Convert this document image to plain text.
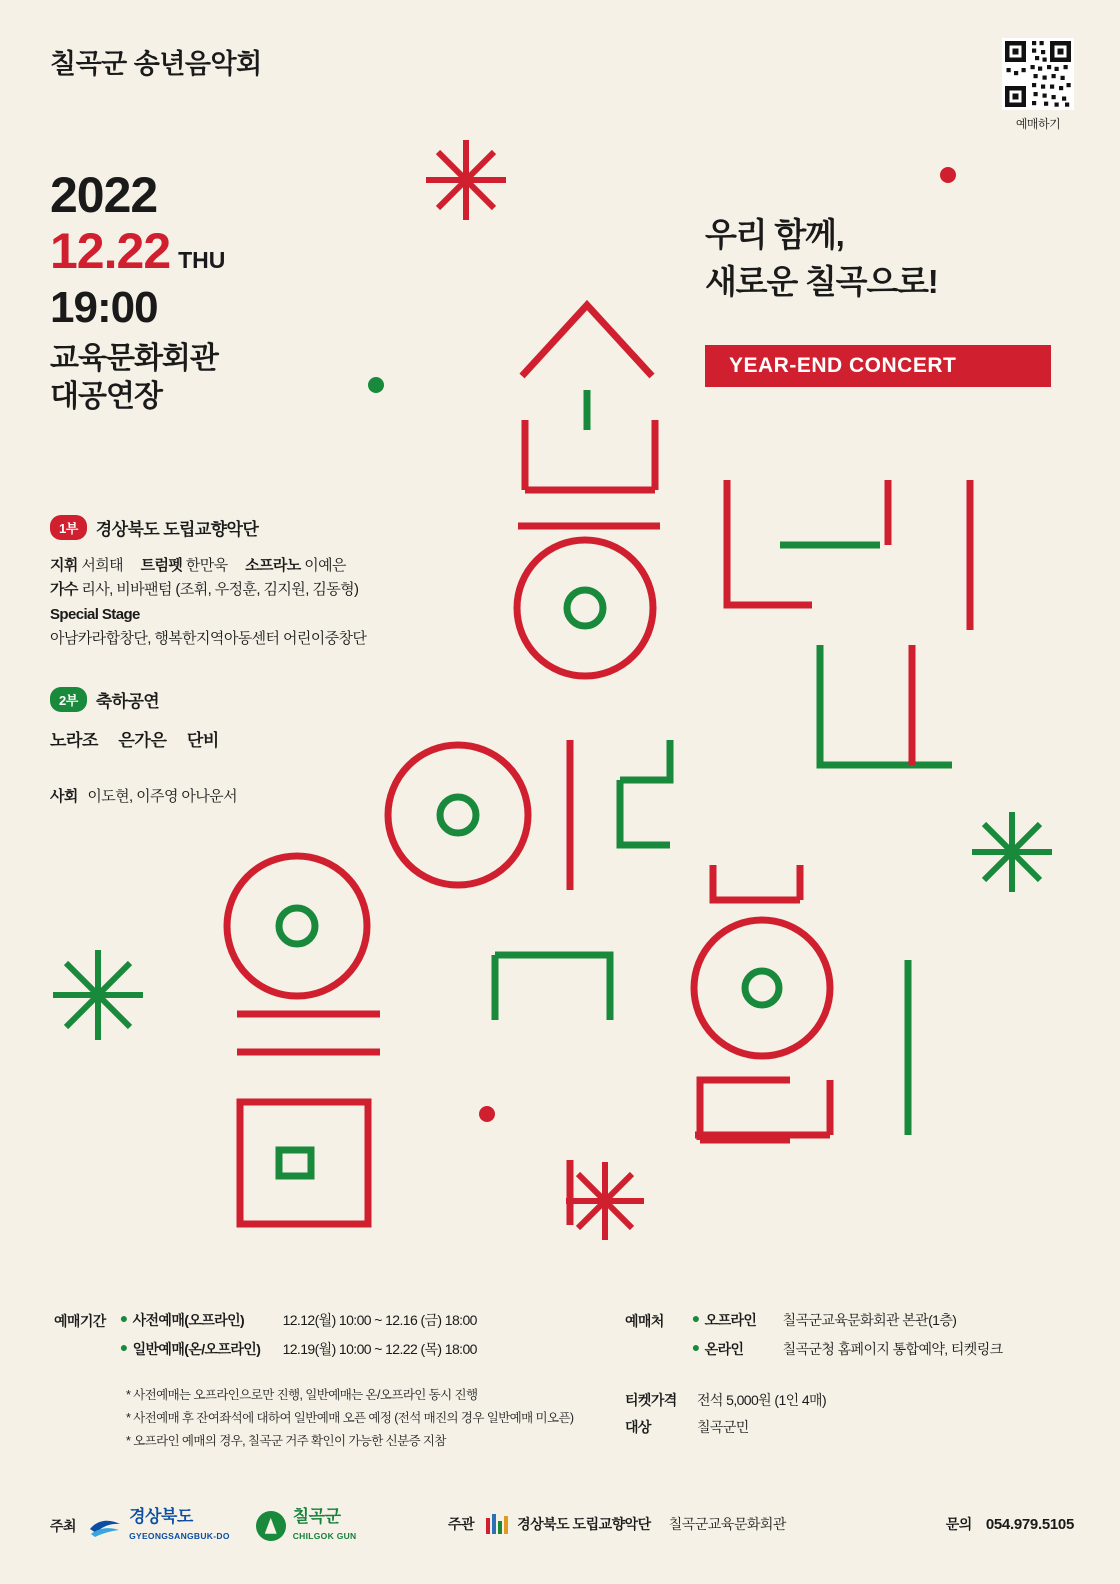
칠곡군 송년음악회
예매하기
2022
12.22 THU
19:00
교육문화회관
대공연장
우리 함께,
새로운 칠곡으로!
YEAR-END CONCERT
1부	경상북도 도립교향악단
지휘 서희태 트럼펫 한만욱 소프라노 이예은
가수 리사, 비바팬텀 (조휘, 우정훈, 김지원, 김동형)
Special Stage
아남카라합창단, 행복한지역아동센터 어린이중창단
2부	축하공연
노라조 은가은 단비
사회 이도현, 이주영 아나운서
예매기간 ● 사전예매(오프라인)	12.12(월) 10:00 ~ 12.16 (금) 18:00
● 일반예매(온/오프라인)	12.19(월) 10:00 ~ 12.22 (목) 18:00
* 사전예매는 오프라인으로만 진행, 일반예매는 온/오프라인 동시 진행
* 사전예매 후 잔여좌석에 대하여 일반예매 오픈 예정 (전석 매진의 경우 일반예매 미오픈)
* 오프라인 예매의 경우, 칠곡군 거주 확인이 가능한 신분증 지참
예매처 ● 오프라인	칠곡군교육문화회관 본관(1층)
● 온라인	칠곡군청 홈페이지 통합예약, 티켓링크
티켓가격	전석 5,000원 (1인 4매)
대상	칠곡군민
주최	경상북도
GYEONGSANGBUK-DO
칠곡군
CHILGOK GUN
주관	경상북도 도립교향악단 칠곡군교육문화회관	문의 054.979.5105
